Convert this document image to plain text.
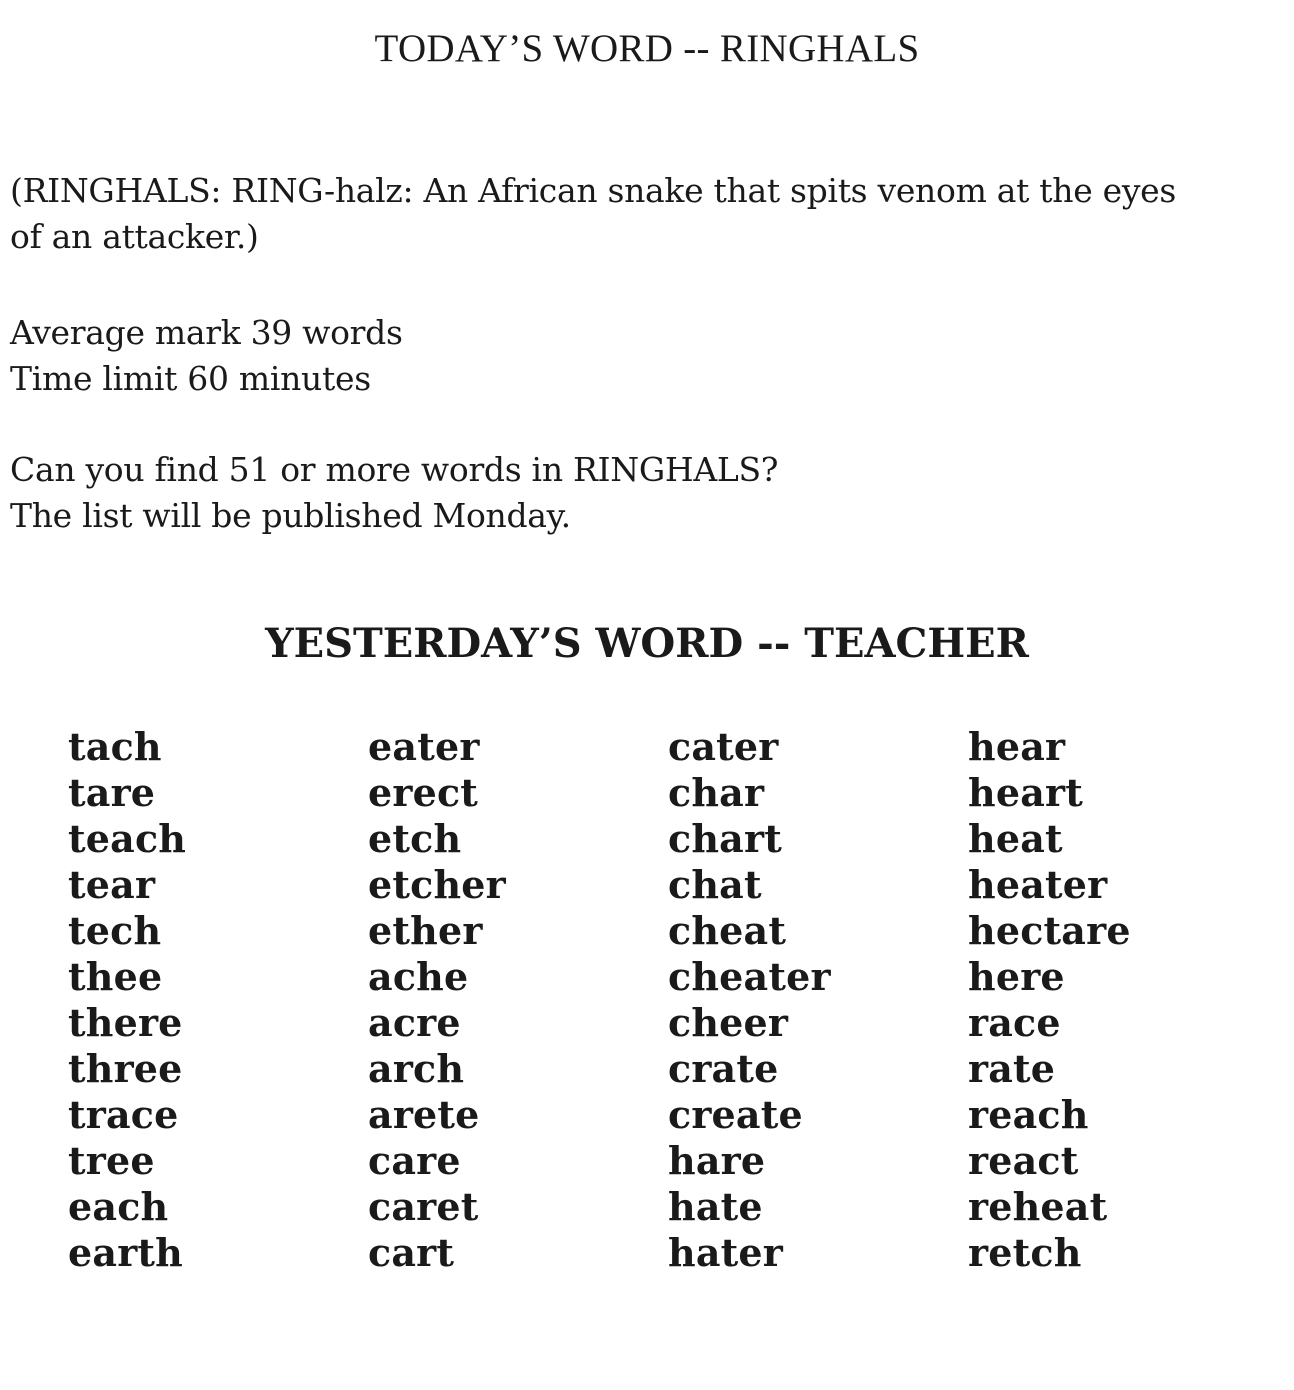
TODAY’S WORD -- RINGHALS

(RINGHALS: RING-halz: An African snake that spits venom at the eyes
of an attacker.)

Average mark 39 words
Time limit 60 minutes

Can you find 51 or more words in RINGHALS?
The list will be published Monday.

YESTERDAY’S WORD -- TEACHER
tach
tare
teach
tear
tech
thee
there
three
trace
tree
each
earth
eater
erect
etch
etcher
ether
ache
acre
arch
arete
care
caret
cart
cater
char
chart
chat
cheat
cheater
cheer
crate
create
hare
hate
hater
hear
heart
heat
heater
hectare
here
race
rate
reach
react
reheat
retch
